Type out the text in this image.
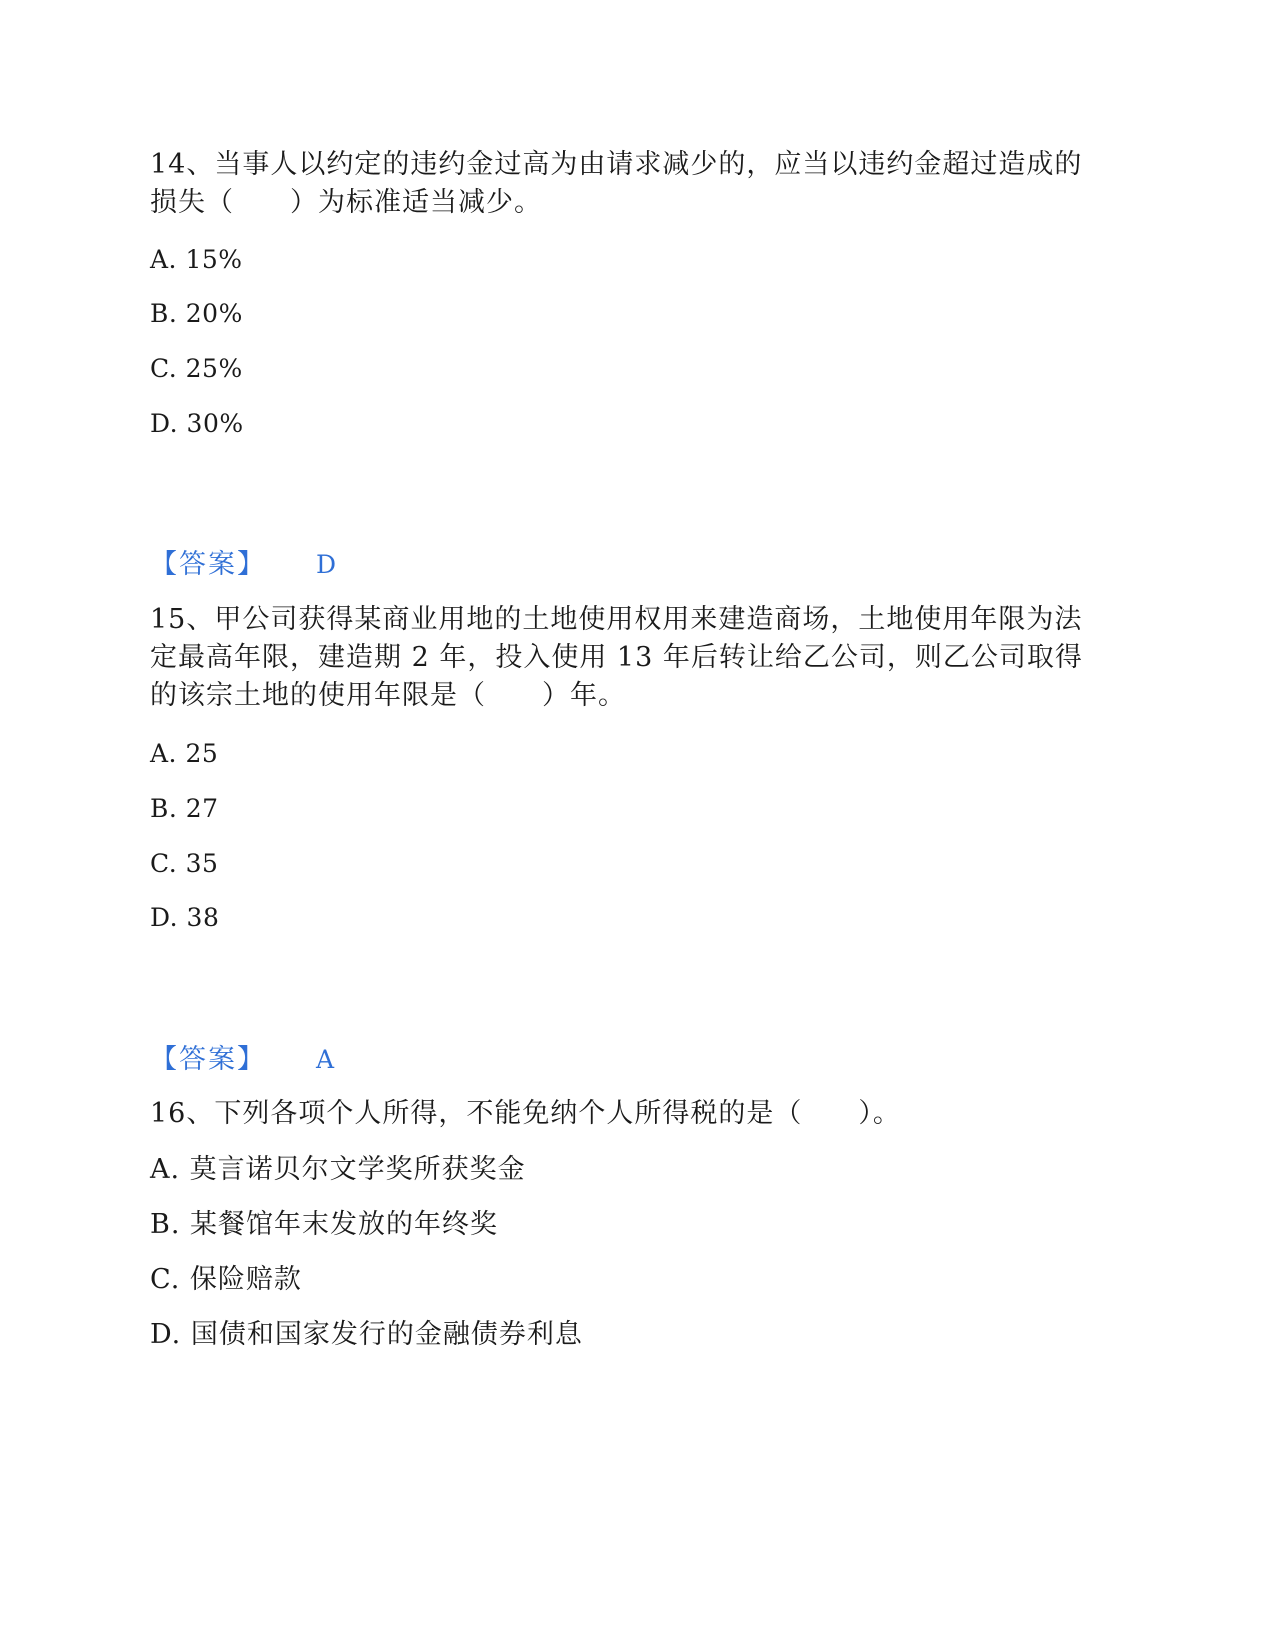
14、当事人以约定的违约金过高为由请求减少的，应当以违约金超过造成的
损失（　　）为标准适当减少。
A. 15%
B. 20%
C. 25%
D. 30%
【答案】 D
15、甲公司获得某商业用地的土地使用权用来建造商场，土地使用年限为法
定最高年限，建造期 2 年，投入使用 13 年后转让给乙公司，则乙公司取得
的该宗土地的使用年限是（　　）年。
A. 25
B. 27
C. 35
D. 38
【答案】 A
16、下列各项个人所得，不能免纳个人所得税的是（　　）。
A. 莫言诺贝尔文学奖所获奖金
B. 某餐馆年末发放的年终奖
C. 保险赔款
D. 国债和国家发行的金融债券利息
